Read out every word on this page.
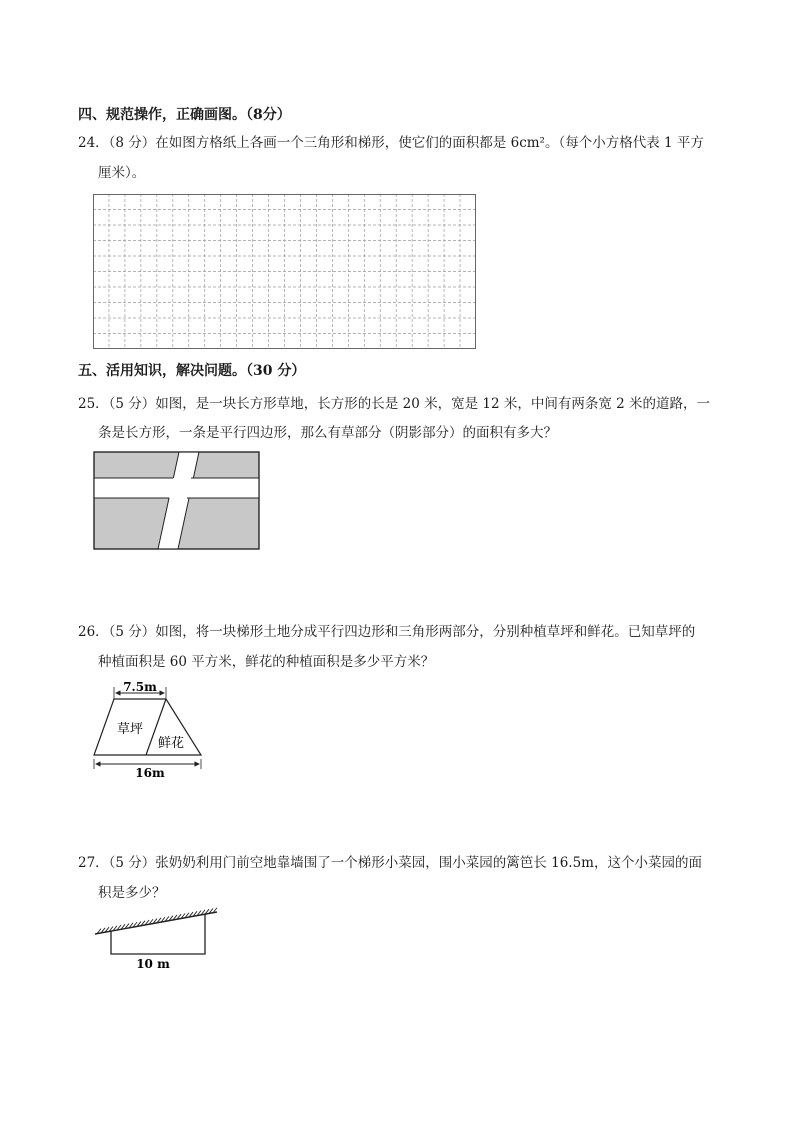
四、规范操作，正确画图。（8分）
24．（8 分）在如图方格纸上各画一个三角形和梯形，使它们的面积都是 6cm²。（每个小方格代表 1 平方
厘米）。
五、活用知识，解决问题。（30 分）
25．（5 分）如图，是一块长方形草地，长方形的长是 20 米，宽是 12 米，中间有两条宽 2 米的道路，一
条是长方形，一条是平行四边形，那么有草部分（阴影部分）的面积有多大？
26．（5 分）如图，将一块梯形土地分成平行四边形和三角形两部分，分别种植草坪和鲜花。已知草坪的
种植面积是 60 平方米，鲜花的种植面积是多少平方米？
7.5m
草坪
鲜花
16m
27．（5 分）张奶奶利用门前空地靠墙围了一个梯形小菜园，围小菜园的篱笆长 16.5m，这个小菜园的面
积是多少？
10 m
